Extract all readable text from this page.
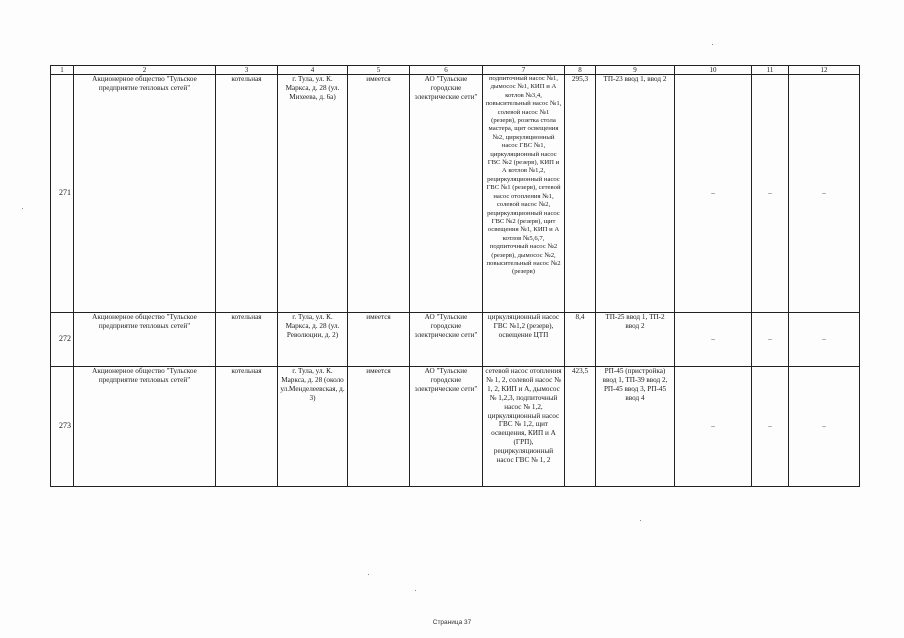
1	2	3	4	5	6	7	8	9	10	11	12
271	Акционерное общество "Тульское предприятие тепловых сетей"	котельная	г. Тула, ул. К. Маркса, д. 28 (ул. Михеева, д. 6а)	имеется	АО "Тульские городские электрические сети"	подпиточный насос №1, дымосос №1, КИП и А котлов №3,4, повысительный насос №1, солевой насос №1 (резерв), розетка стола мастера, щит освещения №2, циркуляционный насос ГВС №1, циркуляционный насос ГВС №2 (резерв), КИП и А котлов №1,2, рециркуляционный насос ГВС №1 (резерв), сетевой насос отопления №1, солевой насос №2, рециркуляционный насос ГВС №2 (резерв), щит освещения №1, КИП и А котлов №5,6,7, подпиточный насос №2 (резерв), дымосос №2, повысительный насос №2 (резерв)	295,3	ТП-23 ввод 1, ввод 2	–	–	–
272	Акционерное общество "Тульское предприятие тепловых сетей"	котельная	г. Тула, ул. К. Маркса, д. 28 (ул. Революции, д. 2)	имеется	АО "Тульские городские электрические сети"	циркуляционный насос ГВС №1,2 (резерв), освещение ЦТП	8,4	ТП-25 ввод 1, ТП-2 ввод 2	–	–	–
273	Акционерное общество "Тульское предприятие тепловых сетей"	котельная	г. Тула, ул. К. Маркса, д. 28 (около ул.Менделеевская, д. 3)	имеется	АО "Тульские городские электрические сети"	сетевой насос отопления № 1, 2, солевой насос № 1, 2, КИП и А, дымосос № 1,2,3, подпиточный насос № 1,2, циркуляционный насос ГВС № 1,2, щит освещения, КИП и А (ГРП), рециркуляционный насос ГВС № 1, 2	423,5	РП-45 (пристройка) ввод 1, ТП-39 ввод 2, РП-45 ввод 3, РП-45 ввод 4	–	–	–
Страница 37
